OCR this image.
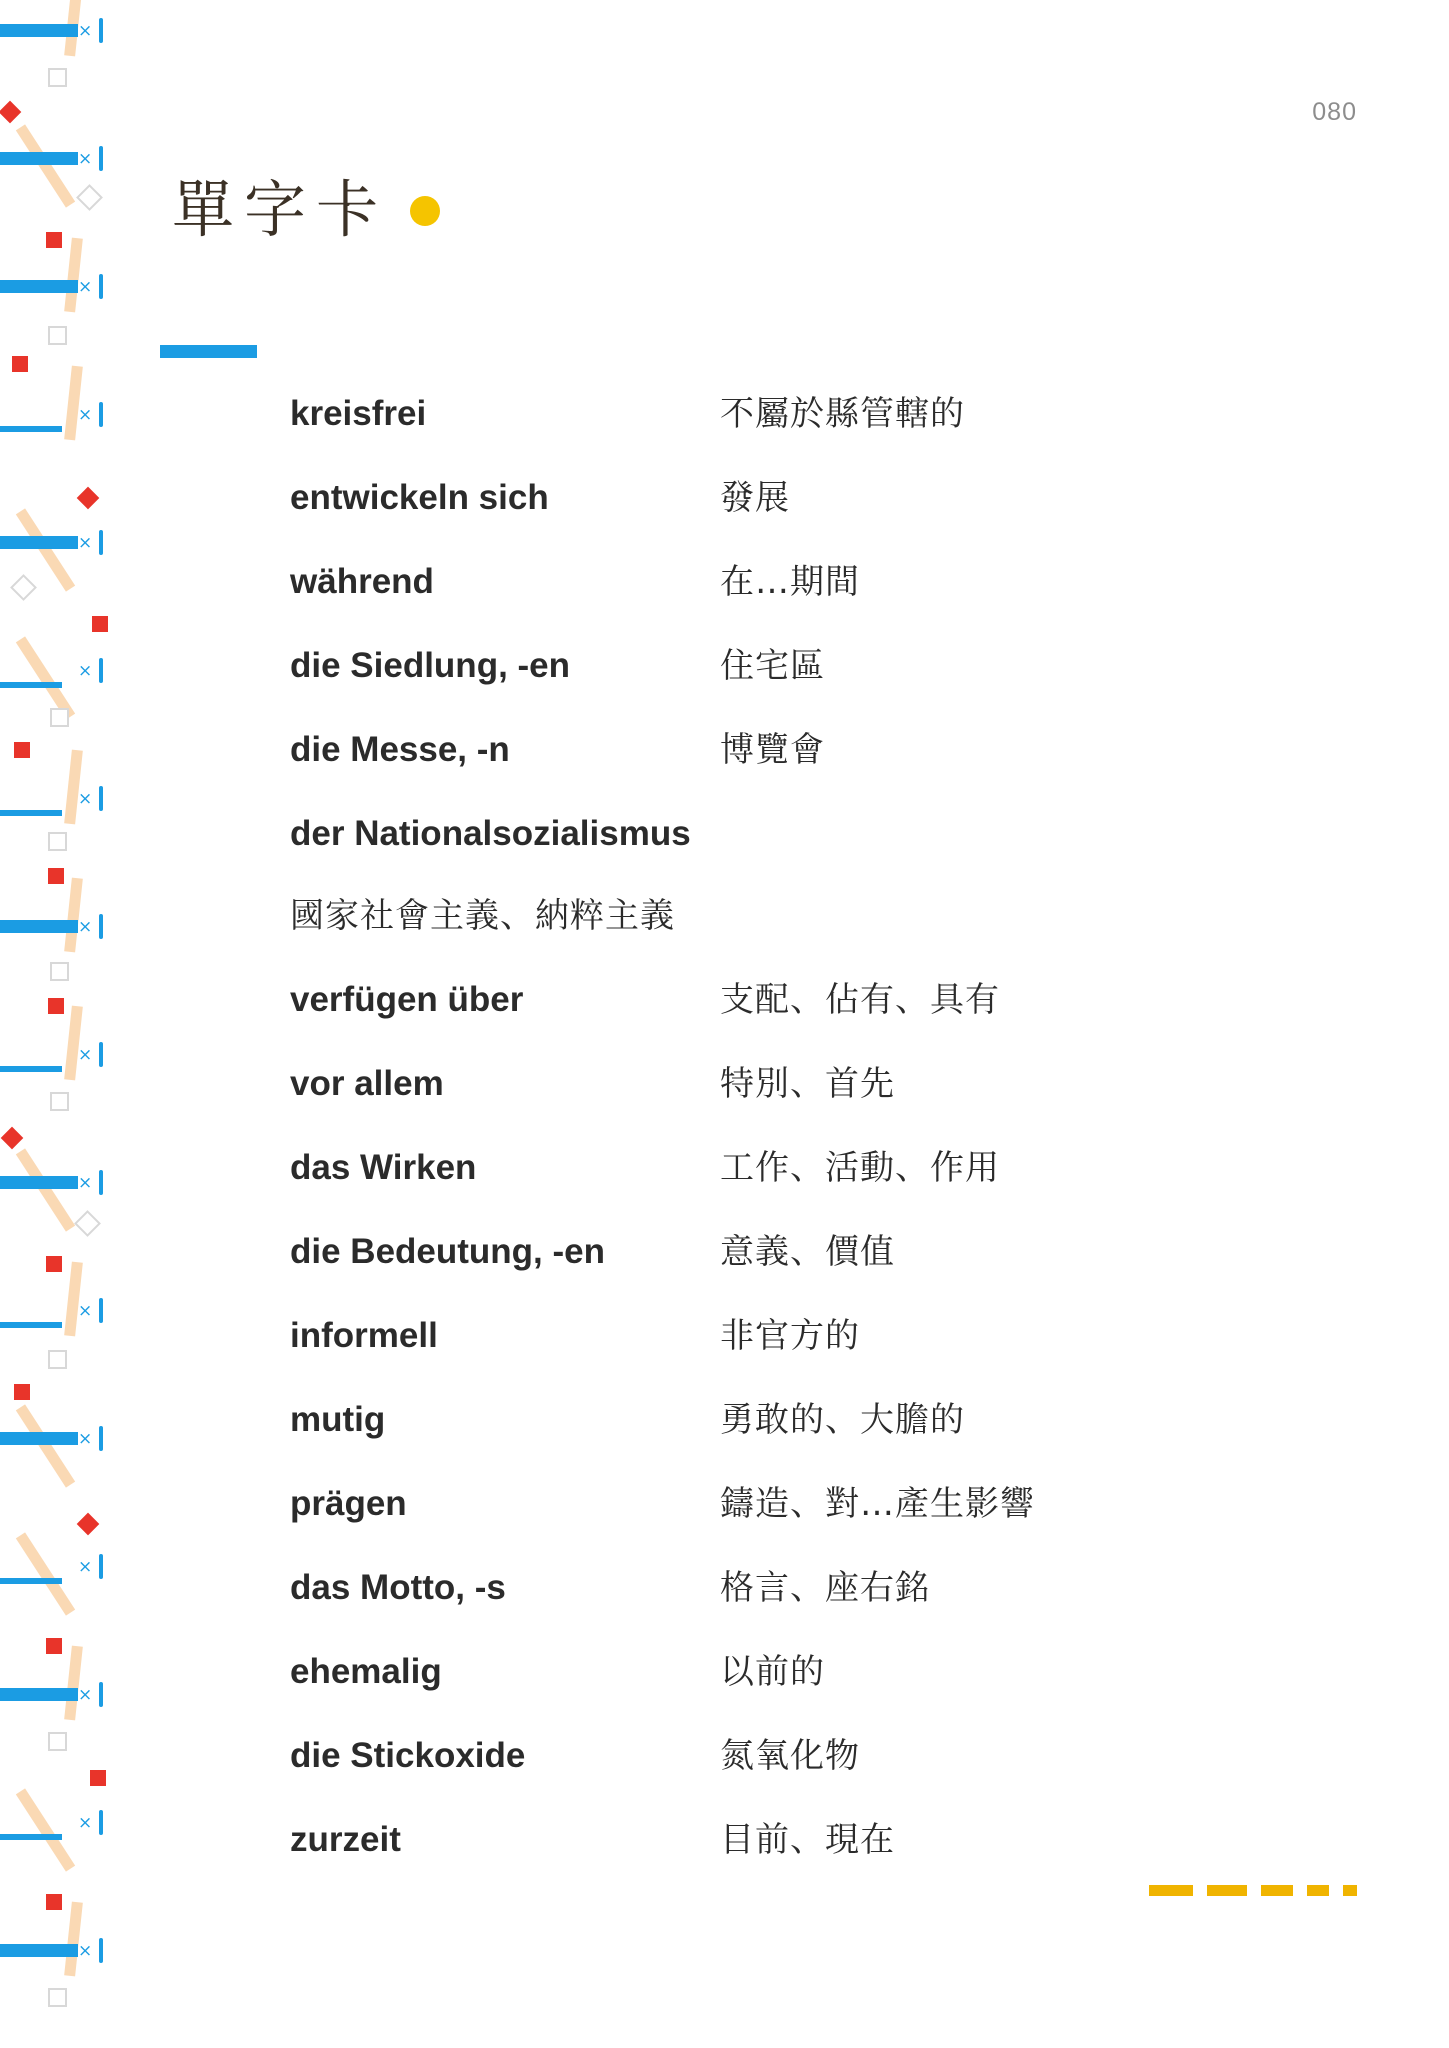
×
×
×
×
×
×
×
×
×
×
×
×
×
×
×
×
080
單字卡
kreisfrei	不屬於縣管轄的
entwickeln sich	發展
während	在…期間
die Siedlung, -en	住宅區
die Messe, -n	博覽會
der Nationalsozialismus
國家社會主義、納粹主義
verfügen über	支配、佔有、具有
vor allem	特別、首先
das Wirken	工作、活動、作用
die Bedeutung, -en	意義、價值
informell	非官方的
mutig	勇敢的、大膽的
prägen	鑄造、對…產生影響
das Motto, -s	格言、座右銘
ehemalig	以前的
die Stickoxide	氮氧化物
zurzeit	目前、現在
